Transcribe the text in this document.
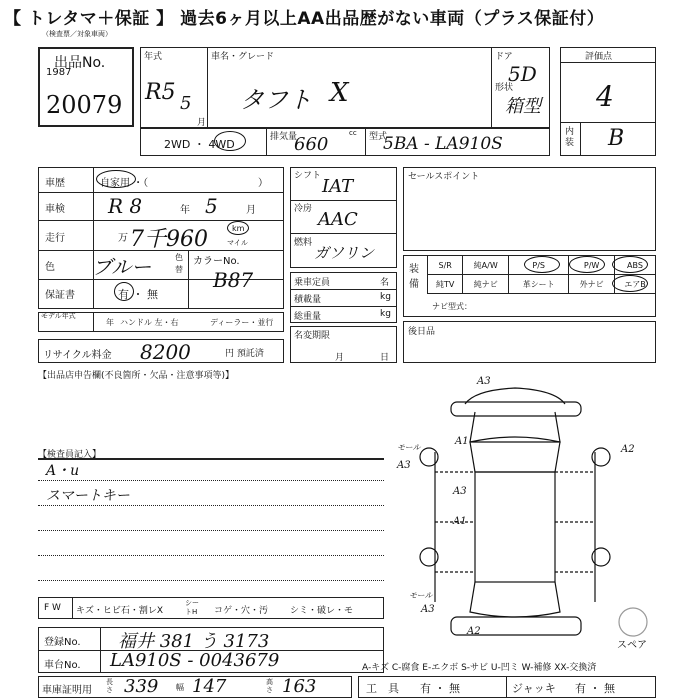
【 トレタマ＋保証 】 過去6ヶ月以上AA出品歴がない車両（プラス保証付）
（検査票／対象車両）
出品No.
1987
20079
年式
R5 5
月
車名・グレード
タフト X
ドア
5D
形状
箱型
2WD ・ 4WD
排気量	cc
660	型式
5BA - LA910S
評価点
4
内装 B
車歴	自家用 ・（	）
車検 R 8	年 5	月
走行	万 7千960	km
マイル
色 ブルー	色替
カラーNo.
B87
保証書	有 ・ 無
モデル年式
年 ハンドル 左・右	ディーラー・並行
リサイクル料金 8200	円 預託済
シフト IAT
冷房 AAC
燃料
ガソリン
乗車定員	名
積載量	kg
総重量	kg
名変期限
月	日
セールスポイント
装備
S/R	純A/W	P/S	P/W	ABS
純TV	純ナビ	革シート	外ナビ	エアB
ナビ型式：
後日品
【出品店申告欄(不良箇所・欠品・注意事項等)】
【検査員記入】
A・u
スマートキー
F W キズ・ヒビ石・割レX
シートH	コゲ・穴・汚 シミ・破レ・モ
登録No. 福井 381 う 3173
車台No. LA910S - 0043679
車庫証明用
長さ 339 幅 147	高さ 163
A-キズ C-腐食 E-エクボ S-サビ U-凹ミ W-補修 XX-交換済
工　具 有 ・ 無	ジャッキ 有 ・ 無
A3
A1
A3
A3
A1
A3
A2
A2
モール
モール
スペア
